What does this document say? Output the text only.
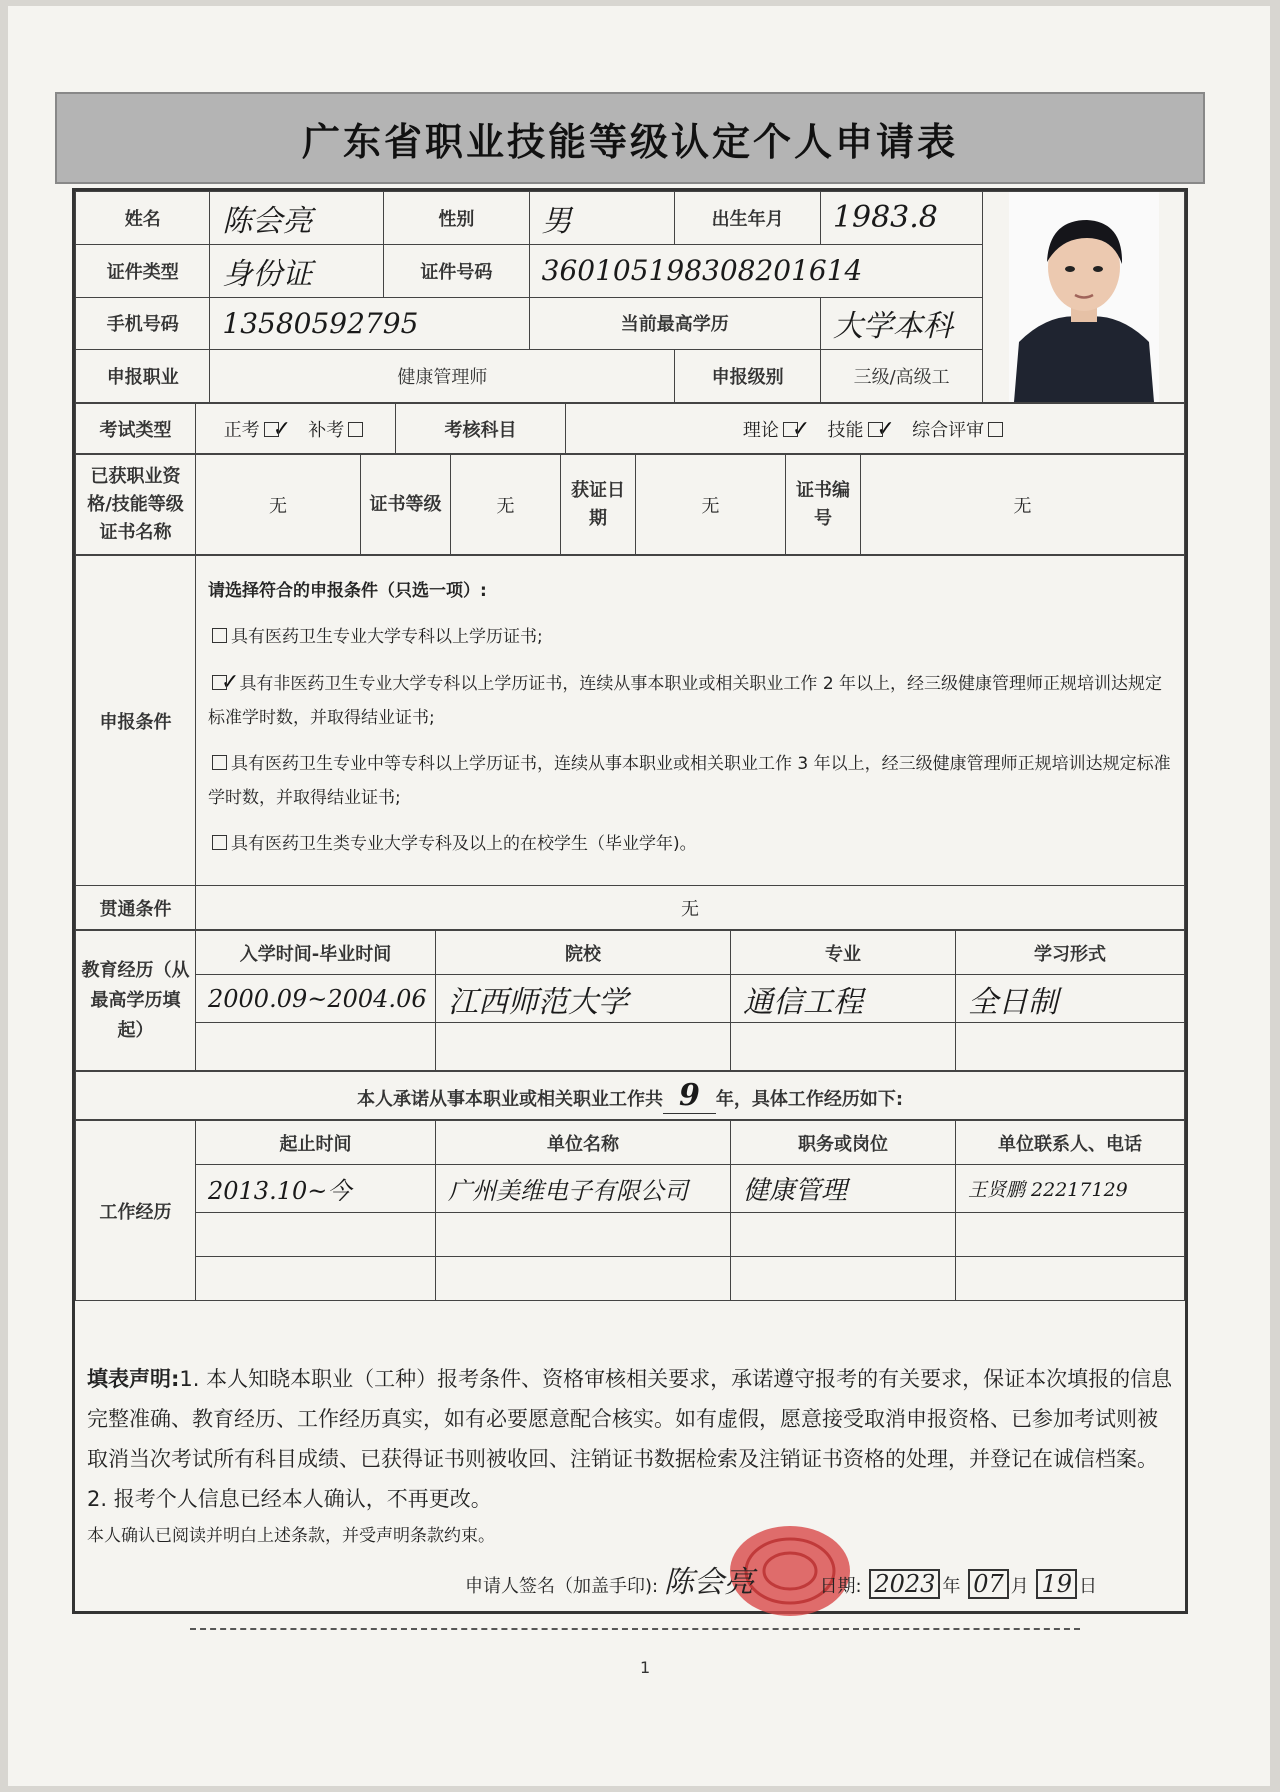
广东省职业技能等级认定个人申请表
姓名	陈会亮	性别	男	出生年月	1983.8	

证件类型	身份证	证件号码	360105198308201614			
手机号码	13580592795		当前最高学历		大学本科	
申报职业	健康管理师			申报级别	三级/高级工	
考试类型	正考 ✓ 补考	考核科目	理论 ✓ 技能 ✓ 综合评审
已获职业资格/技能等级证书名称	无	证书等级	无	获证日期	无	证书编号	无
申报条件	请选择符合的申报条件（只选一项）:

具有医药卫生专业大学专科以上学历证书;

✓具有非医药卫生专业大学专科以上学历证书，连续从事本职业或相关职业工作 2 年以上，经三级健康管理师正规培训达规定标准学时数，并取得结业证书;

具有医药卫生专业中等专科以上学历证书，连续从事本职业或相关职业工作 3 年以上，经三级健康管理师正规培训达规定标准学时数，并取得结业证书;

具有医药卫生类专业大学专科及以上的在校学生（毕业学年)。

贯通条件	无
教育经历（从最高学历填起）	入学时间-毕业时间	院校	专业	学习形式
	2000.09~2004.06	江西师范大学	通信工程	全日制

本人承诺从事本职业或相关职业工作共 9 年，具体工作经历如下:
工作经历	起止时间	单位名称	职务或岗位	单位联系人、电话
	2013.10~今	广州美维电子有限公司	健康管理	王贤鹏 22217129

填表声明:1. 本人知晓本职业（工种）报考条件、资格审核相关要求，承诺遵守报考的有关要求，保证本次填报的信息完整准确、教育经历、工作经历真实，如有必要愿意配合核实。如有虚假，愿意接受取消申报资格、已参加考试则被取消当次考试所有科目成绩、已获得证书则被收回、注销证书数据检索及注销证书资格的处理，并登记在诚信档案。2. 报考个人信息已经本人确认，不再更改。
本人确认已阅读并明白上述条款，并受声明条款约束。
申请人签名（加盖手印): 陈会亮	日期: 2023 年 07 月 19 日
1
